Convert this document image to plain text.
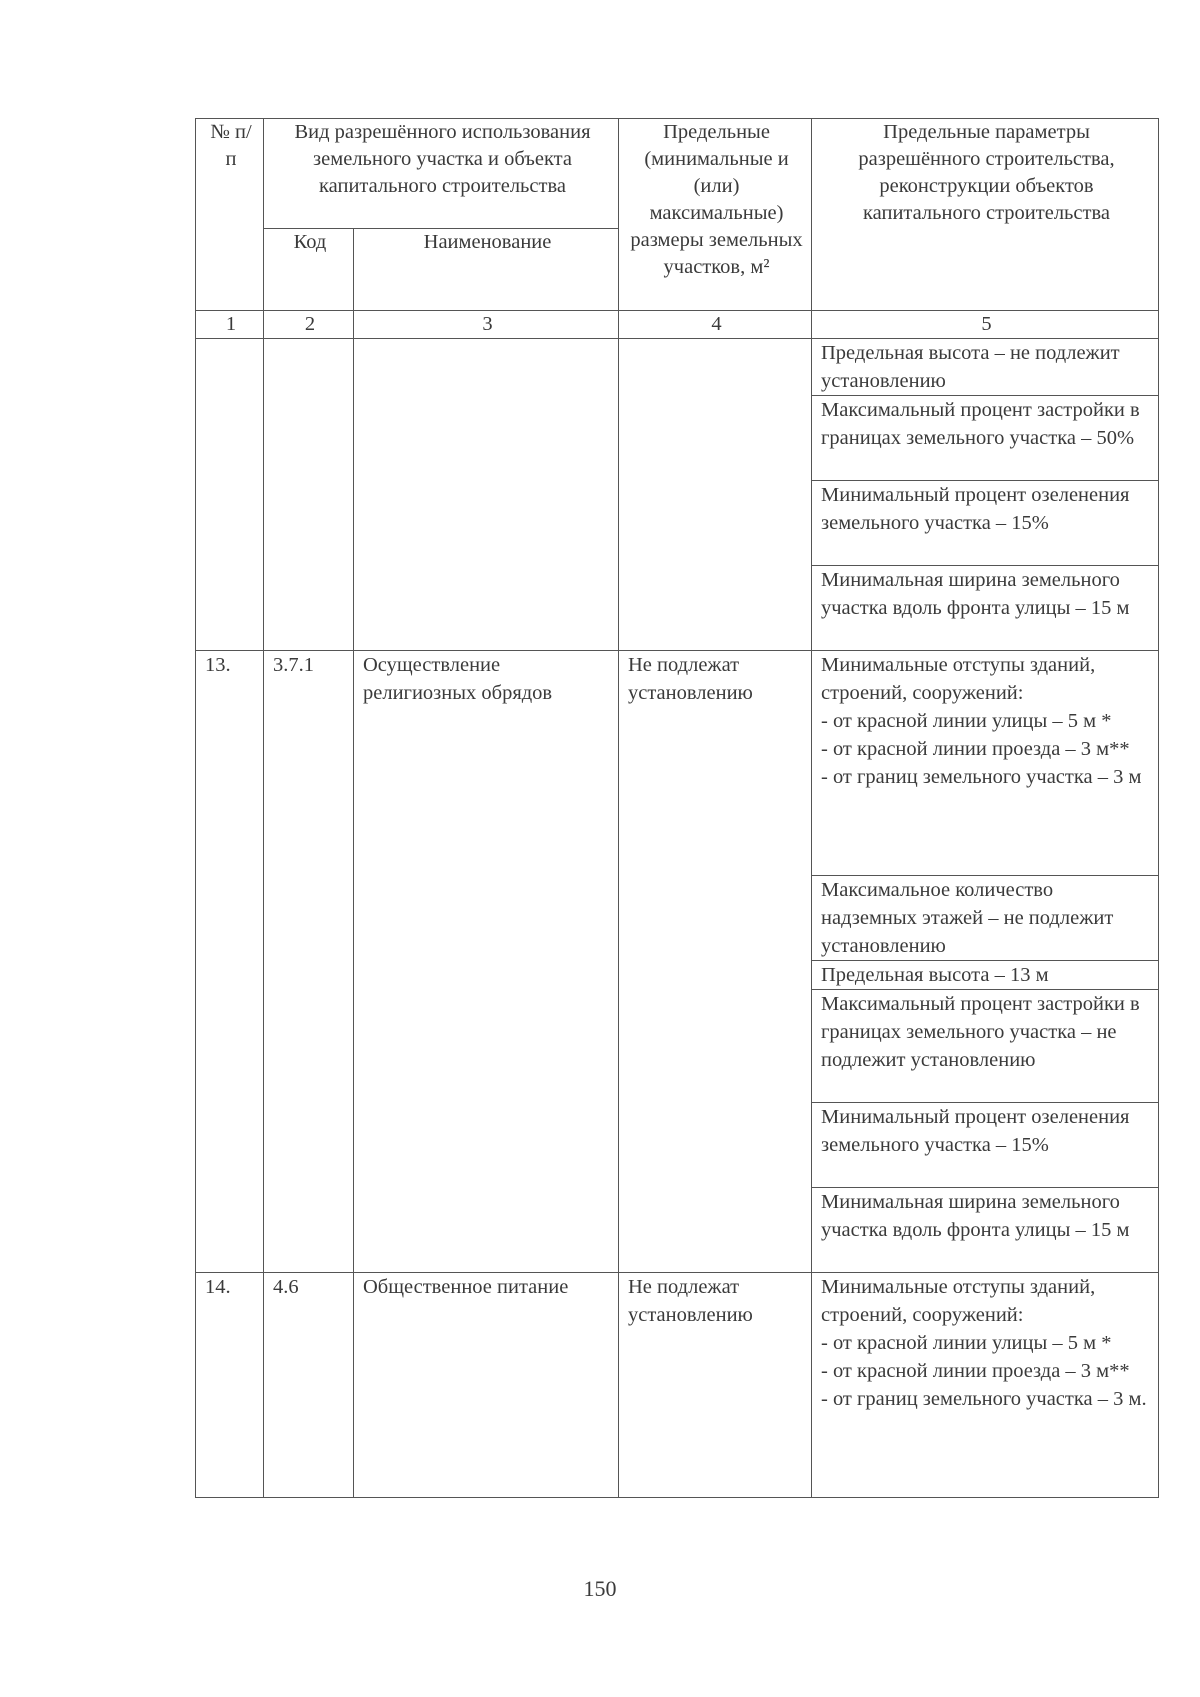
№ п/п	Вид разрешённого использования земельного участка и объекта капитального строительства		Предельные (минимальные и (или) максимальные) размеры земельных участков, м²	Предельные параметры разрешённого строительства, реконструкции объектов капитального строительства
	Код	Наименование		
1	2	3	4	5
				Предельная высота – не подлежит установлению
				Максимальный процент застройки в границах земельного участка – 50%
				Минимальный процент озеленения земельного участка – 15%
				Минимальная ширина земельного участка вдоль фронта улицы – 15 м
13.	3.7.1	Осуществление религиозных обрядов	Не подлежат установлению	Минимальные отступы зданий, строений, сооружений:
- от красной линии улицы – 5 м *
- от красной линии проезда – 3 м**
- от границ земельного участка – 3 м
				Максимальное количество надземных этажей – не подлежит установлению
				Предельная высота – 13 м
				Максимальный процент застройки в границах земельного участка – не подлежит установлению
				Минимальный процент озеленения земельного участка – 15%
				Минимальная ширина земельного участка вдоль фронта улицы – 15 м
14.	4.6	Общественное питание	Не подлежат установлению	Минимальные отступы зданий, строений, сооружений:
- от красной линии улицы – 5 м *
- от красной линии проезда – 3 м**
- от границ земельного участка – 3 м.
150
